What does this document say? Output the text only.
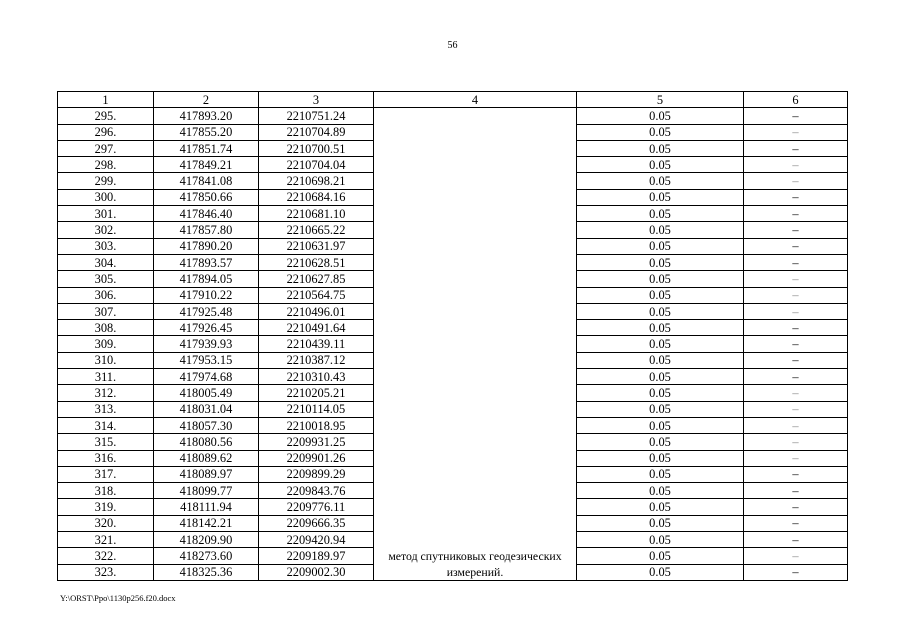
56
1	2	3	4	5	6
295.	417893.20	2210751.24	метод спутниковых геодезических измерений.	0.05	–
296.	417855.20	2210704.89		0.05	–
297.	417851.74	2210700.51		0.05	–
298.	417849.21	2210704.04		0.05	–
299.	417841.08	2210698.21		0.05	–
300.	417850.66	2210684.16		0.05	–
301.	417846.40	2210681.10		0.05	–
302.	417857.80	2210665.22		0.05	–
303.	417890.20	2210631.97		0.05	–
304.	417893.57	2210628.51		0.05	–
305.	417894.05	2210627.85		0.05	–
306.	417910.22	2210564.75		0.05	–
307.	417925.48	2210496.01		0.05	–
308.	417926.45	2210491.64		0.05	–
309.	417939.93	2210439.11		0.05	–
310.	417953.15	2210387.12		0.05	–
311.	417974.68	2210310.43		0.05	–
312.	418005.49	2210205.21		0.05	–
313.	418031.04	2210114.05		0.05	–
314.	418057.30	2210018.95		0.05	–
315.	418080.56	2209931.25		0.05	–
316.	418089.62	2209901.26		0.05	–
317.	418089.97	2209899.29		0.05	–
318.	418099.77	2209843.76		0.05	–
319.	418111.94	2209776.11		0.05	–
320.	418142.21	2209666.35		0.05	–
321.	418209.90	2209420.94		0.05	–
322.	418273.60	2209189.97		0.05	–
323.	418325.36	2209002.30		0.05	–
Y:\ORST\Ppo\1130p256.f20.docx
